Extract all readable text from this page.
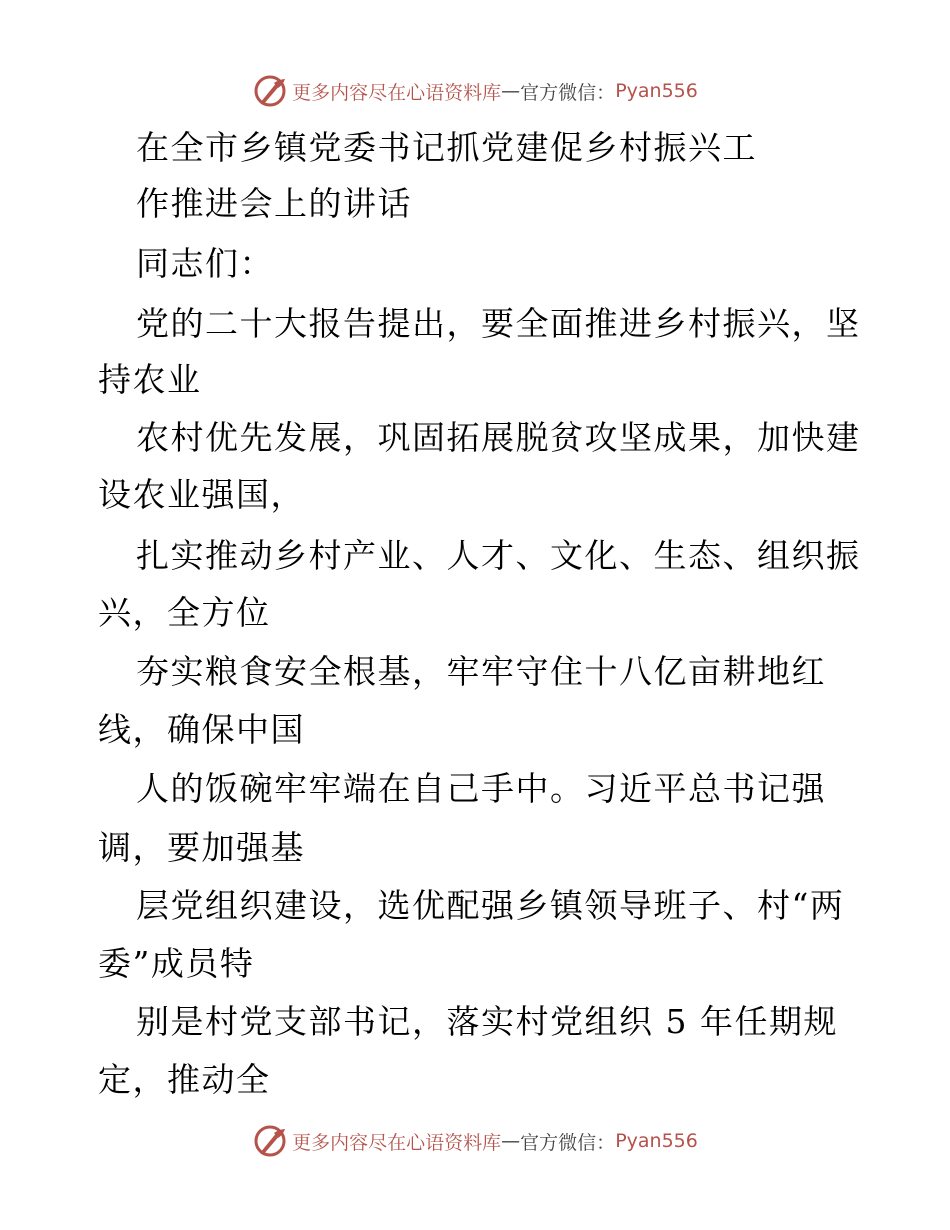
更多内容尽在心语资料库 — 官方微信： Pyan556
在全市乡镇党委书记抓党建促乡村振兴工
作推进会上的讲话
同志们：
党的二十大报告提出，要全面推进乡村振兴，坚
持农业
农村优先发展，巩固拓展脱贫攻坚成果，加快建
设农业强国，
扎实推动乡村产业、人才、文化、生态、组织振
兴，全方位
夯实粮食安全根基，牢牢守住十八亿亩耕地红
线，确保中国
人的饭碗牢牢端在自己手中。习近平总书记强
调，要加强基
层党组织建设，选优配强乡镇领导班子、村“两
委”成员特
别是村党支部书记，落实村党组织 5 年任期规
定，推动全
更多内容尽在心语资料库 — 官方微信： Pyan556
